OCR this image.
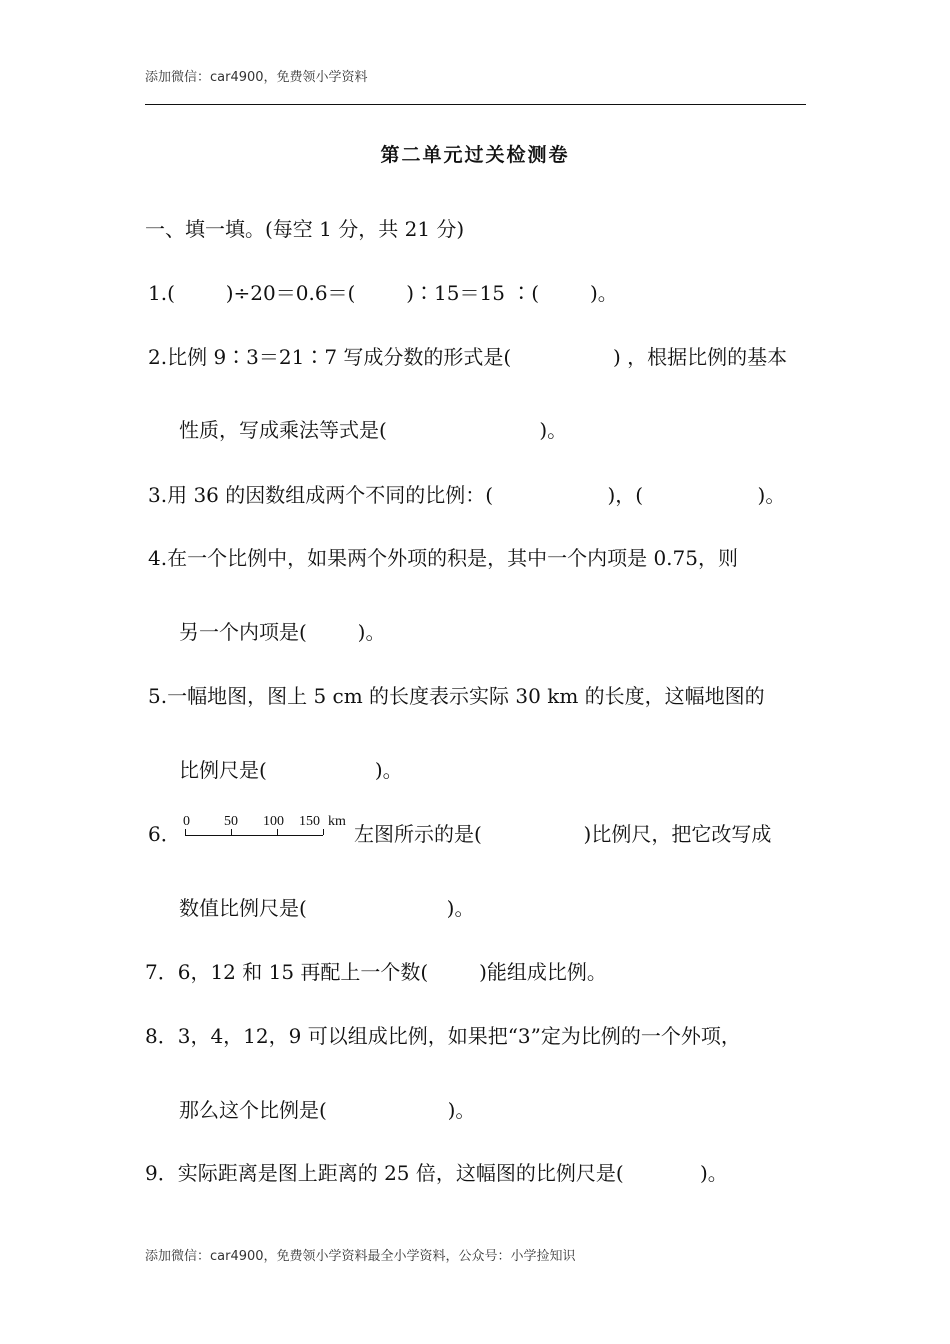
添加微信：car4900，免费领小学资料
第二单元过关检测卷
一、填一填。(每空 1 分，共 21 分)
1.(        )÷20＝0.6＝(        )∶15＝15 ∶(        )。
2.比例 9∶3＝21∶7 写成分数的形式是(                ) ，根据比例的基本
性质，写成乘法等式是(                        )。
3.用 36 的因数组成两个不同的比例：(                  )，(                  )。
4.在一个比例中，如果两个外项的积是，其中一个内项是 0.75，则
另一个内项是(        )。
5.一幅地图，图上 5 cm 的长度表示实际 30 km 的长度，这幅地图的
比例尺是(                 )。
6．

0

50

100

150

km

左图所示的是(                )比例尺，把它改写成
数值比例尺是(                      )。
7．6，12 和 15 再配上一个数(        )能组成比例。
8．3，4，12，9 可以组成比例，如果把“3”定为比例的一个外项，
那么这个比例是(                   )。
9．实际距离是图上距离的 25 倍，这幅图的比例尺是(            )。
添加微信：car4900，免费领小学资料最全小学资料，公众号：小学捡知识
